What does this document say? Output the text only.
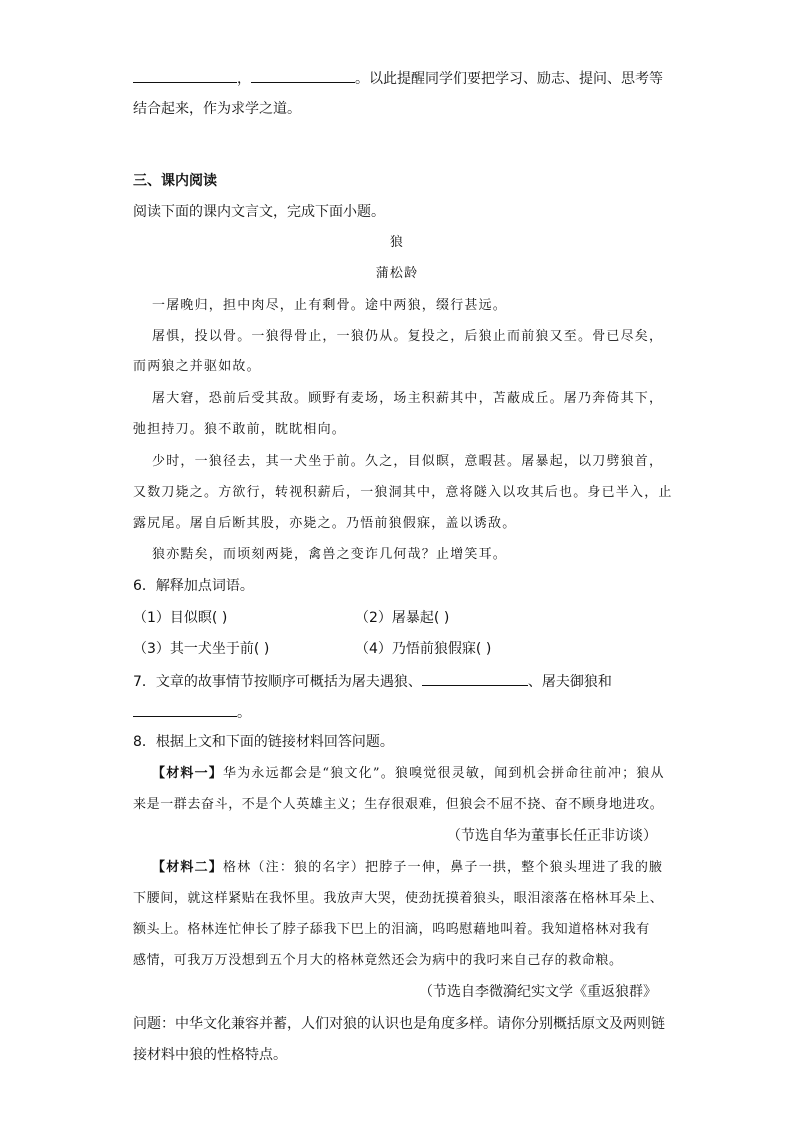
，	。以此提醒同学们要把学习、励志、提问、思考等
结合起来，作为求学之道。
三、课内阅读
阅读下面的课内文言文，完成下面小题。
狼
蒲松龄
一屠晚归，担中肉尽，止有剩骨。途中两狼，缀行甚远。
屠惧，投以骨。一狼得骨止，一狼仍从。复投之，后狼止而前狼又至。骨已尽矣，
而两狼之并驱如故。
屠大窘，恐前后受其敌。顾野有麦场，场主积薪其中，苫蔽成丘。屠乃奔倚其下，
弛担持刀。狼不敢前，眈眈相向。
少时，一狼径去，其一犬坐于前。久之，目似瞑，意暇甚。屠暴起，以刀劈狼首，
又数刀毙之。方欲行，转视积薪后，一狼洞其中，意将隧入以攻其后也。身已半入，止
露尻尾。屠自后断其股，亦毙之。乃悟前狼假寐，盖以诱敌。
狼亦黠矣，而顷刻两毙，禽兽之变诈几何哉？止增笑耳。
6．解释加点词语。
（1）目似瞑( )	（2）屠暴起( )
（3）其一犬坐于前( )	（4）乃悟前狼假寐( )
7．文章的故事情节按顺序可概括为屠夫遇狼、	、屠夫御狼和
。
8．根据上文和下面的链接材料回答问题。
【材料一】华为永远都会是“狼文化”。狼嗅觉很灵敏，闻到机会拼命往前冲；狼从
来是一群去奋斗，不是个人英雄主义；生存很艰难，但狼会不屈不挠、奋不顾身地进攻。
（节选自华为董事长任正非访谈）
【材料二】格林（注：狼的名字）把脖子一伸，鼻子一拱，整个狼头埋进了我的腋
下腰间，就这样紧贴在我怀里。我放声大哭，使劲抚摸着狼头，眼泪滚落在格林耳朵上、
额头上。格林连忙伸长了脖子舔我下巴上的泪滴，呜呜慰藉地叫着。我知道格林对我有
感情，可我万万没想到五个月大的格林竟然还会为病中的我叼来自己存的救命粮。
（节选自李微漪纪实文学《重返狼群》
问题：中华文化兼容并蓄，人们对狼的认识也是角度多样。请你分别概括原文及两则链
接材料中狼的性格特点。
